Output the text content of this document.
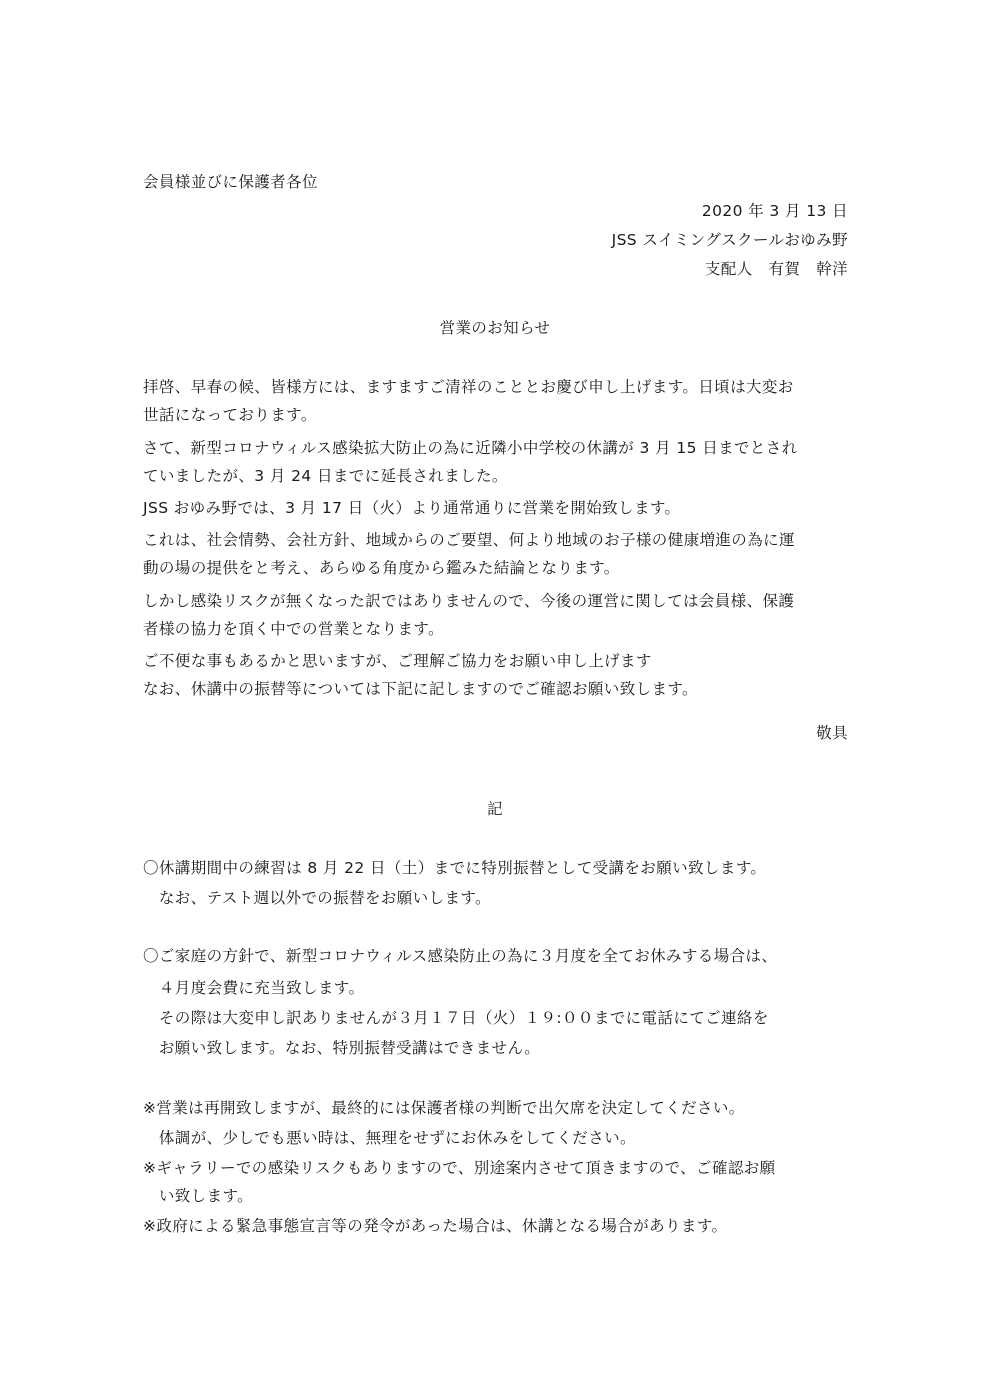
会員様並びに保護者各位
2020 年 3 月 13 日
JSS スイミングスクールおゆみ野
支配人　有賀　幹洋
営業のお知らせ
拝啓、早春の候、皆様方には、ますますご清祥のこととお慶び申し上げます。日頃は大変お
世話になっております。
さて、新型コロナウィルス感染拡大防止の為に近隣小中学校の休講が 3 月 15 日までとされ
ていましたが、3 月 24 日までに延長されました。
JSS おゆみ野では、3 月 17 日（火）より通常通りに営業を開始致します。
これは、社会情勢、会社方針、地域からのご要望、何より地域のお子様の健康増進の為に運
動の場の提供をと考え、あらゆる角度から鑑みた結論となります。
しかし感染リスクが無くなった訳ではありませんので、今後の運営に関しては会員様、保護
者様の協力を頂く中での営業となります。
ご不便な事もあるかと思いますが、ご理解ご協力をお願い申し上げます
なお、休講中の振替等については下記に記しますのでご確認お願い致します。
敬具
記
〇休講期間中の練習は 8 月 22 日（土）までに特別振替として受講をお願い致します。
　なお、テスト週以外での振替をお願いします。
〇ご家庭の方針で、新型コロナウィルス感染防止の為に３月度を全てお休みする場合は、
　４月度会費に充当致します。
　その際は大変申し訳ありませんが３月１７日（火）１９:００までに電話にてご連絡を
　お願い致します。なお、特別振替受講はできません。
※営業は再開致しますが、最終的には保護者様の判断で出欠席を決定してください。
　体調が、少しでも悪い時は、無理をせずにお休みをしてください。
※ギャラリーでの感染リスクもありますので、別途案内させて頂きますので、ご確認お願
　い致します。
※政府による緊急事態宣言等の発令があった場合は、休講となる場合があります。
